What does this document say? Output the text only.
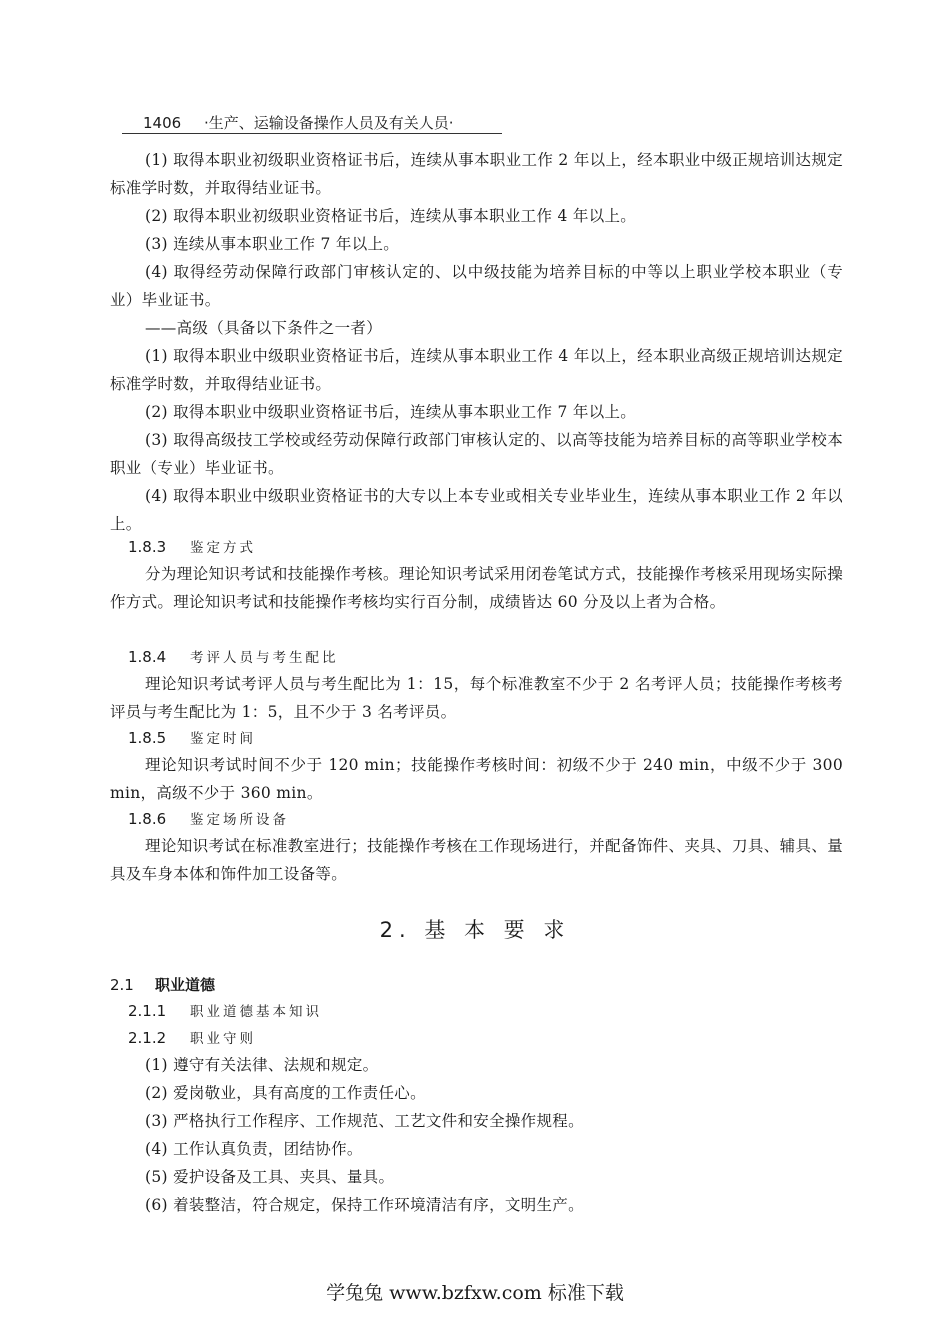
1406 ·生产、运输设备操作人员及有关人员·
(1) 取得本职业初级职业资格证书后，连续从事本职业工作 2 年以上，经本职业中级正规培训达规定标准学时数，并取得结业证书。
(2) 取得本职业初级职业资格证书后，连续从事本职业工作 4 年以上。
(3) 连续从事本职业工作 7 年以上。
(4) 取得经劳动保障行政部门审核认定的、以中级技能为培养目标的中等以上职业学校本职业（专业）毕业证书。
——高级（具备以下条件之一者）
(1) 取得本职业中级职业资格证书后，连续从事本职业工作 4 年以上，经本职业高级正规培训达规定标准学时数，并取得结业证书。
(2) 取得本职业中级职业资格证书后，连续从事本职业工作 7 年以上。
(3) 取得高级技工学校或经劳动保障行政部门审核认定的、以高等技能为培养目标的高等职业学校本职业（专业）毕业证书。
(4) 取得本职业中级职业资格证书的大专以上本专业或相关专业毕业生，连续从事本职业工作 2 年以上。
1.8.3 鉴定方式
分为理论知识考试和技能操作考核。理论知识考试采用闭卷笔试方式，技能操作考核采用现场实际操作方式。理论知识考试和技能操作考核均实行百分制，成绩皆达 60 分及以上者为合格。
1.8.4 考评人员与考生配比
理论知识考试考评人员与考生配比为 1：15，每个标准教室不少于 2 名考评人员；技能操作考核考评员与考生配比为 1：5，且不少于 3 名考评员。
1.8.5 鉴定时间
理论知识考试时间不少于 120 min；技能操作考核时间：初级不少于 240 min，中级不少于 300 min，高级不少于 360 min。
1.8.6 鉴定场所设备
理论知识考试在标准教室进行；技能操作考核在工作现场进行，并配备饰件、夹具、刀具、辅具、量具及车身本体和饰件加工设备等。
2. 基 本 要 求
2.1 职业道德
2.1.1 职业道德基本知识
2.1.2 职业守则
(1) 遵守有关法律、法规和规定。
(2) 爱岗敬业，具有高度的工作责任心。
(3) 严格执行工作程序、工作规范、工艺文件和安全操作规程。
(4) 工作认真负责，团结协作。
(5) 爱护设备及工具、夹具、量具。
(6) 着装整洁，符合规定，保持工作环境清洁有序，文明生产。
学兔兔 www.bzfxw.com 标准下载
